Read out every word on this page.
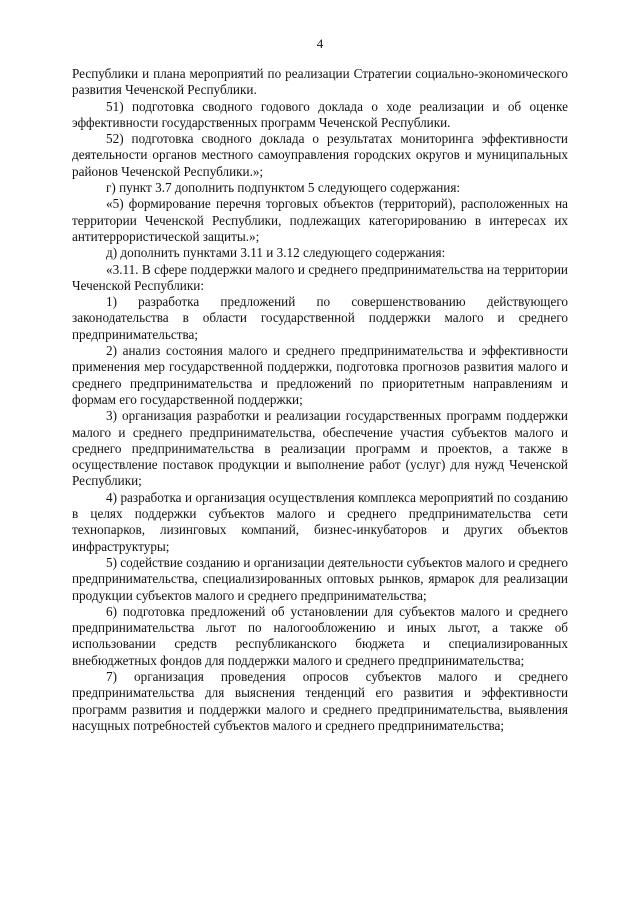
4

Республики и плана мероприятий по реализации Стратегии социально-экономического развития Чеченской Республики.

51) подготовка сводного годового доклада о ходе реализации и об оценке эффективности государственных программ Чеченской Республики.

52) подготовка сводного доклада о результатах мониторинга эффективности деятельности органов местного самоуправления городских округов и муниципальных районов Чеченской Республики.»;

г) пункт 3.7 дополнить подпунктом 5 следующего содержания:

«5) формирование перечня торговых объектов (территорий), расположенных на территории Чеченской Республики, подлежащих категорированию в интересах их антитеррористической защиты.»;

д) дополнить пунктами 3.11 и 3.12 следующего содержания:

«3.11. В сфере поддержки малого и среднего предпринимательства на территории Чеченской Республики:

1) разработка предложений по совершенствованию действующего законодательства в области государственной поддержки малого и среднего предпринимательства;

2) анализ состояния малого и среднего предпринимательства и эффективности применения мер государственной поддержки, подготовка прогнозов развития малого и среднего предпринимательства и предложений по приоритетным направлениям и формам его государственной поддержки;

3) организация разработки и реализации государственных программ поддержки малого и среднего предпринимательства, обеспечение участия субъектов малого и среднего предпринимательства в реализации программ и проектов, а также в осуществление поставок продукции и выполнение работ (услуг) для нужд Чеченской Республики;

4) разработка и организация осуществления комплекса мероприятий по созданию в целях поддержки субъектов малого и среднего предпринимательства сети технопарков, лизинговых компаний, бизнес-инкубаторов и других объектов инфраструктуры;

5) содействие созданию и организации деятельности субъектов малого и среднего предпринимательства, специализированных оптовых рынков, ярмарок для реализации продукции субъектов малого и среднего предпринимательства;

6) подготовка предложений об установлении для субъектов малого и среднего предпринимательства льгот по налогообложению и иных льгот, а также об использовании средств республиканского бюджета и специализированных внебюджетных фондов для поддержки малого и среднего предпринимательства;

7) организация проведения опросов субъектов малого и среднего предпринимательства для выяснения тенденций его развития и эффективности программ развития и поддержки малого и среднего предпринимательства, выявления насущных потребностей субъектов малого и среднего предпринимательства;
